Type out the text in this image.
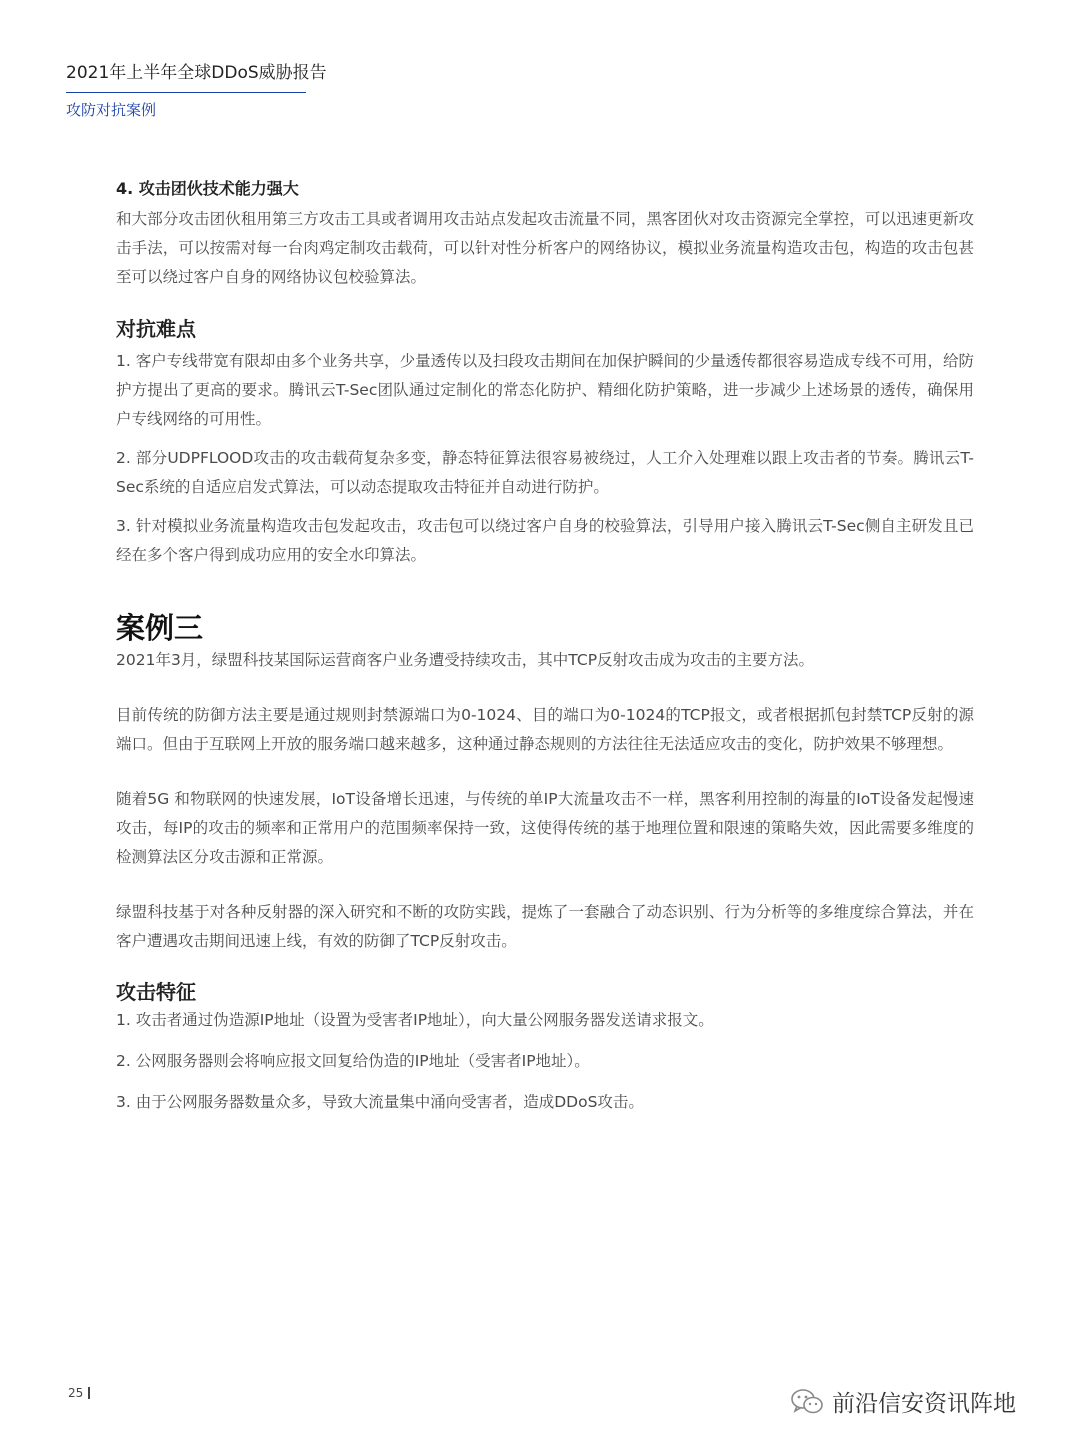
2021年上半年全球DDoS威胁报告
攻防对抗案例
4. 攻击团伙技术能力强大

和大部分攻击团伙租用第三方攻击工具或者调用攻击站点发起攻击流量不同，黑客团伙对攻击资源完全掌控，可以迅速更新攻击手法，可以按需对每一台肉鸡定制攻击载荷，可以针对性分析客户的网络协议，模拟业务流量构造攻击包，构造的攻击包甚至可以绕过客户自身的网络协议包校验算法。

对抗难点

1. 客户专线带宽有限却由多个业务共享，少量透传以及扫段攻击期间在加保护瞬间的少量透传都很容易造成专线不可用，给防护方提出了更高的要求。腾讯云T-Sec团队通过定制化的常态化防护、精细化防护策略，进一步减少上述场景的透传，确保用户专线网络的可用性。

2. 部分UDPFLOOD攻击的攻击载荷复杂多变，静态特征算法很容易被绕过，人工介入处理难以跟上攻击者的节奏。腾讯云T-Sec系统的自适应启发式算法，可以动态提取攻击特征并自动进行防护。

3. 针对模拟业务流量构造攻击包发起攻击，攻击包可以绕过客户自身的校验算法，引导用户接入腾讯云T-Sec侧自主研发且已经在多个客户得到成功应用的安全水印算法。

案例三

2021年3月，绿盟科技某国际运营商客户业务遭受持续攻击，其中TCP反射攻击成为攻击的主要方法。

目前传统的防御方法主要是通过规则封禁源端口为0-1024、目的端口为0-1024的TCP报文，或者根据抓包封禁TCP反射的源端口。但由于互联网上开放的服务端口越来越多，这种通过静态规则的方法往往无法适应攻击的变化，防护效果不够理想。

随着5G 和物联网的快速发展，IoT设备增长迅速，与传统的单IP大流量攻击不一样，黑客利用控制的海量的IoT设备发起慢速攻击，每IP的攻击的频率和正常用户的范围频率保持一致，这使得传统的基于地理位置和限速的策略失效，因此需要多维度的检测算法区分攻击源和正常源。

绿盟科技基于对各种反射器的深入研究和不断的攻防实践，提炼了一套融合了动态识别、行为分析等的多维度综合算法，并在客户遭遇攻击期间迅速上线，有效的防御了TCP反射攻击。

攻击特征

1. 攻击者通过伪造源IP地址（设置为受害者IP地址），向大量公网服务器发送请求报文。

2. 公网服务器则会将响应报文回复给伪造的IP地址（受害者IP地址）。

3. 由于公网服务器数量众多，导致大流量集中涌向受害者，造成DDoS攻击。

25	前沿信安资讯阵地
